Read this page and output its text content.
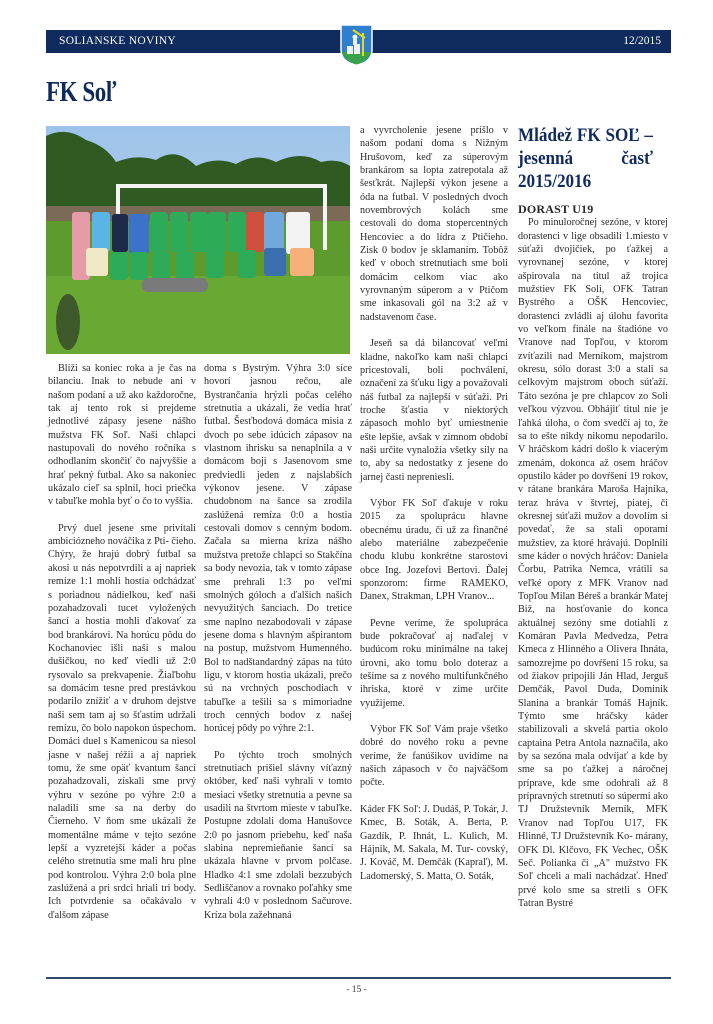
SOLIANSKE NOVINY	12/2015
FK Soľ

Blíži sa koniec roka a je čas na bilanciu. Inak to nebude ani v našom podaní a už ako každoročne, tak aj tento rok si prejdeme jednotlivé zápasy jesene nášho mužstva FK Soľ. Naši chlapci nastupovali do nového ročníka s odhodlaním skončiť čo najvyššie a hrať pekný futbal. Ako sa nakoniec ukázalo cieľ sa splnil, hoci priečka v tabuľke mohla byť o čo to vyššia.

Prvý duel jesene sme privítali ambiciózneho nováčika z Pti- čieho. Chýry, že hrajú dobrý futbal sa akosi u nás nepotvrdili a aj napriek remíze 1:1 mohli hostia odchádzať s poriadnou nádielkou, keď naši pozahadzovali tucet vyložených šancí a hostia mohli ďakovať za bod brankárovi. Na horúcu pôdu do Kochanoviec išli naši s malou dušičkou, no keď viedli už 2:0 rysovalo sa prekvapenie. Žiaľbohu sa domácim tesne pred prestávkou podarilo znížiť a v druhom dejstve naši sem tam aj so šťastím udržali remízu, čo bolo napokon úspechom. Domáci duel s Kamenicou sa niesol jasne v našej réžii a aj napriek tomu, že sme opäť kvantum šancí pozahadzovali, získali sme prvý výhru v sezóne po výhre 2:0 a naladili sme sa na derby do Čierneho. V ňom sme ukázali že momentálne máme v tejto sezóne lepší a vyzretejší káder a počas celého stretnutia sme mali hru plne pod kontrolou. Výhra 2:0 bola plne zaslúžená a pri srdci hriali tri body. Ich potvrdenie sa očakávalo v ďalšom zápase

doma s Bystrým. Výhra 3:0 síce hovorí jasnou rečou, ale Bystrančania hrýzli počas celého stretnutia a ukázali, že vedia hrať futbal. Šesťbodová domáca misia z dvoch po sebe idúcich zápasov na vlastnom ihrisku sa nenaplnila a v domácom boji s Jasenovom sme predviedli jeden z najslabších výkonov jesene. V zápase chudobnom na šance sa zrodila zaslúžená remíza 0:0 a hostia cestovali domov s cenným bodom. Začala sa mierna kríza nášho mužstva pretože chlapci so Stakčína sa body nevozia, tak v tomto zápase sme prehrali 1:3 po veľmi smolných góloch a ďalších našich nevyužitých šanciach. Do tretice sme naplno nezabodovali v zápase jesene doma s hlavným ašpirantom na postup, mužstvom Humenného. Bol to nadštandardný zápas na túto ligu, v ktorom hostia ukázali, prečo sú na vrchných poschodiach v tabuľke a tešili sa s mimoriadne troch cenných bodov z našej horúcej pôdy po výhre 2:1.

Po týchto troch smolných stretnutiach prišiel slávny víťazný október, keď naši vyhrali v tomto mesiaci všetky stretnutia a pevne sa usadili na štvrtom mieste v tabuľke. Postupne zdolali doma Hanušovce 2:0 po jasnom priebehu, keď naša slabina nepremieňanie šancí sa ukázala hlavne v prvom polčase. Hladko 4:1 sme zdolali bezzubých Sedliščanov a rovnako poľahky sme vyhrali 4:0 v poslednom Sačurove. Kríza bola zažehnaná

a vyvrcholenie jesene prišlo v našom podaní doma s Nižným Hrušovom, keď za súperovým brankárom sa lopta zatrepotala až šesťkrát. Najlepší výkon jesene a óda na futbal. V posledných dvoch novembrových kolách sme cestovali do doma stopercentných Hencoviec a do lídra z Ptičieho. Zisk 0 bodov je sklamaním. Tobôž keď v oboch stretnutiach sme boli domácim celkom viac ako vyrovnaným súperom a v Ptičom sme inkasovali gól na 3:2 až v nadstavenom čase.

Jeseň sa dá bilancovať veľmi kladne, nakoľko kam naši chlapci pricestovali, boli pochválení, označení za šťuku ligy a považovali náš futbal za najlepší v súťaži. Pri troche šťastia v niektorých zápasoch mohlo byť umiestnenie ešte lepšie, avšak v zimnom období naši určite vynaložia všetky sily na to, aby sa nedostatky z jesene do jarnej časti nepreniesli.

Výbor FK Soľ ďakuje v roku 2015 za spoluprácu hlavne obecnému úradu, či už za finančné alebo materiálne zabezpečenie chodu klubu konkrétne starostovi obce Ing. Jozefovi Bertovi. Ďalej sponzorom: firme RAMEKO, Danex, Strakman, LPH Vranov...

Pevne veríme, že spolupráca bude pokračovať aj naďalej v budúcom roku minimálne na takej úrovni, ako tomu bolo doteraz a tešíme sa z nového multifunkčného ihriska, ktoré v zime určite využijeme.

Výbor FK Soľ Vám praje všetko dobré do nového roku a pevne veríme, že fanúšikov uvidíme na našich zápasoch v čo najväčšom počte.

Káder FK Soľ: J. Dudáš, P. Tokár, J. Kmec, B. Soták, A. Berta, P. Gazdík, P. Ihnát, L. Kulich, M. Hájnik, M. Sakala, M. Tur- covský, J. Kováč, M. Demčák (Kapraľ), M. Ladomerský, S. Matta, O. Soták,

Mládež FK SOĽ – jesenná časť 2015/2016
DORAST U19

Po minuloročnej sezóne, v ktorej dorastenci v lige obsadili 1.miesto v súťaži dvojičiek, po ťažkej a vyrovnanej sezóne, v ktorej ašpirovala na titul až trojica mužstiev FK Soli, OFK Tatran Bystrého a OŠK Hencoviec, dorastenci zvládli aj úlohu favorita vo veľkom finále na štadióne vo Vranove nad Topľou, v ktorom zvíťazili nad Merníkom, majstrom okresu, sólo dorast 3:0 a stali sa celkovým majstrom oboch súťaží. Táto sezóna je pre chlapcov zo Soli veľkou výzvou. Obhájiť titul nie je ľahká úloha, o čom svedčí aj to, že sa to ešte nikdy nikomu nepodarilo. V hráčskom kádri došlo k viacerým zmenám, dokonca až osem hráčov opustilo káder po dovŕšení 19 rokov, v rátane brankára Maroša Hajníka, teraz hráva v štvrtej, piatej, či okresnej súťaži mužov a dovolím si povedať, že sa stali oporami mužstiev, za ktoré hrávajú. Doplnili sme káder o nových hráčov: Daniela Čorbu, Patrika Nemca, vrátili sa veľké opory z MFK Vranov nad Topľou Milan Béreš a brankár Matej Biž, na hosťovanie do konca aktuálnej sezóny sme dotiahli z Komáran Pavla Medvedza, Petra Kmeca z Hlinného a Olivera Ihnáta, samozrejme po dovŕšení 15 roku, sa od žiakov pripojili Ján Hlad, Jerguš Demčák, Pavol Duda, Dominik Slanina a brankár Tomáš Hajník. Týmto sme hráčsky káder stabilizovali a skvelá partia okolo captaina Petra Antola naznačila, ako by sa sezóna mala odvíjať a kde by sme sa po ťažkej a náročnej príprave, kde sme odohrali až 8 prípravných stretnutí so súpermi ako TJ Družstevník Merník, MFK Vranov nad Topľou U17, FK Hlinné, TJ Družstevník Ko- márany, OFK Dl. Klčovo, FK Vechec, OŠK Seč. Polianka či „A" mužstvo FK Soľ chceli a mali nachádzať. Hneď prvé kolo sme sa stretli s OFK Tatran Bystré

- 15 -
